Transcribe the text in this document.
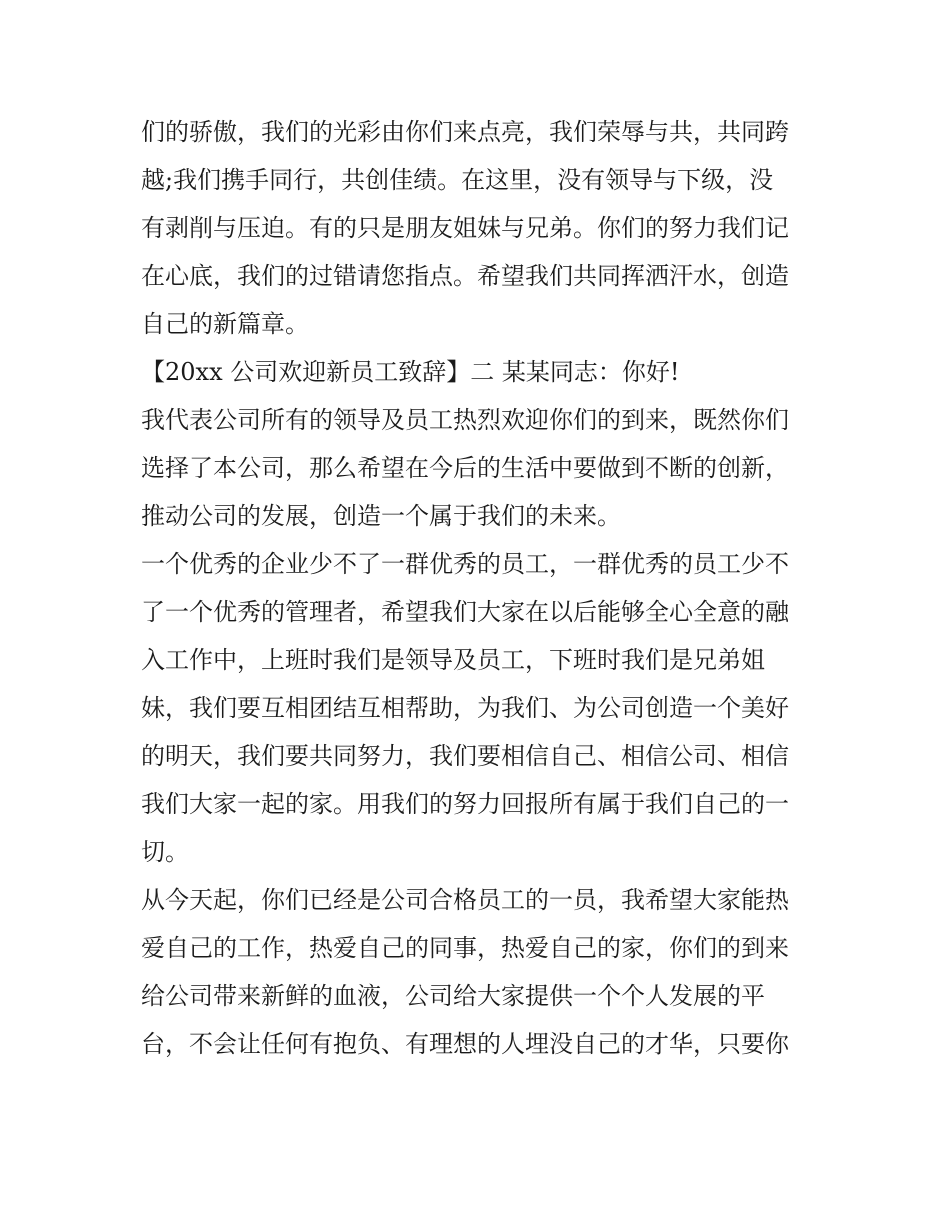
们的骄傲，我们的光彩由你们来点亮，我们荣辱与共，共同跨
越;我们携手同行，共创佳绩。在这里，没有领导与下级，没
有剥削与压迫。有的只是朋友姐妹与兄弟。你们的努力我们记
在心底，我们的过错请您指点。希望我们共同挥洒汗水，创造
自己的新篇章。
【20xx 公司欢迎新员工致辞】二 某某同志：你好!
我代表公司所有的领导及员工热烈欢迎你们的到来，既然你们
选择了本公司，那么希望在今后的生活中要做到不断的创新，
推动公司的发展，创造一个属于我们的未来。
一个优秀的企业少不了一群优秀的员工，一群优秀的员工少不
了一个优秀的管理者，希望我们大家在以后能够全心全意的融
入工作中，上班时我们是领导及员工，下班时我们是兄弟姐
妹，我们要互相团结互相帮助，为我们、为公司创造一个美好
的明天，我们要共同努力，我们要相信自己、相信公司、相信
我们大家一起的家。用我们的努力回报所有属于我们自己的一
切。
从今天起，你们已经是公司合格员工的一员，我希望大家能热
爱自己的工作，热爱自己的同事，热爱自己的家，你们的到来
给公司带来新鲜的血液，公司给大家提供一个个人发展的平
台，不会让任何有抱负、有理想的人埋没自己的才华，只要你
